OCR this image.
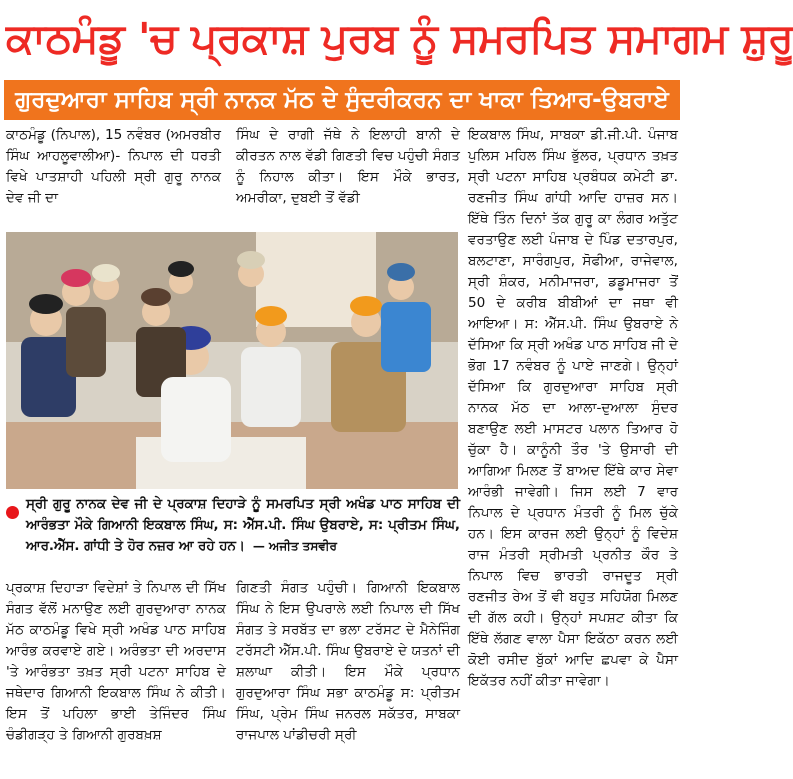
ਕਾਠਮੰਡੂ 'ਚ ਪ੍ਰਕਾਸ਼ ਪੁਰਬ ਨੂੰ ਸਮਰਪਿਤ ਸਮਾਗਮ ਸ਼ੁਰੂ
ਗੁਰਦੁਆਰਾ ਸਾਹਿਬ ਸ੍ਰੀ ਨਾਨਕ ਮੱਠ ਦੇ ਸੁੰਦਰੀਕਰਨ ਦਾ ਖਾਕਾ ਤਿਆਰ-ਉਬਰਾਏ

ਕਾਠਮੰਡੂ (ਨਿਪਾਲ), 15 ਨਵੰਬਰ (ਅਮਰਬੀਰ ਸਿੰਘ ਆਹਲੂਵਾਲੀਆ)- ਨਿਪਾਲ ਦੀ ਧਰਤੀ ਵਿਖੇ ਪਾਤਸ਼ਾਹੀ ਪਹਿਲੀ ਸ੍ਰੀ ਗੁਰੂ ਨਾਨਕ ਦੇਵ ਜੀ ਦਾ

ਸਿੰਘ ਦੇ ਰਾਗੀ ਜੱਥੇ ਨੇ ਇਲਾਹੀ ਬਾਨੀ ਦੇ ਕੀਰਤਨ ਨਾਲ ਵੱਡੀ ਗਿਣਤੀ ਵਿਚ ਪਹੁੰਚੀ ਸੰਗਤ ਨੂੰ ਨਿਹਾਲ ਕੀਤਾ। ਇਸ ਮੌਕੇ ਭਾਰਤ, ਅਮਰੀਕਾ, ਦੁਬਈ ਤੋਂ ਵੱਡੀ

ਇਕਬਾਲ ਸਿੰਘ, ਸਾਬਕਾ ਡੀ.ਜੀ.ਪੀ. ਪੰਜਾਬ ਪੁਲਿਸ ਮਹਿਲ ਸਿੰਘ ਭੁੱਲਰ, ਪ੍ਰਧਾਨ ਤਖ਼ਤ ਸ੍ਰੀ ਪਟਨਾ ਸਾਹਿਬ ਪ੍ਰਬੰਧਕ ਕਮੇਟੀ ਡਾ. ਰਣਜੀਤ ਸਿੰਘ ਗਾਂਧੀ ਆਦਿ ਹਾਜ਼ਰ ਸਨ। ਇੱਥੇ ਤਿੰਨ ਦਿਨਾਂ ਤੱਕ ਗੁਰੂ ਕਾ ਲੰਗਰ ਅਤੁੱਟ ਵਰਤਾਉਣ ਲਈ ਪੰਜਾਬ ਦੇ ਪਿੰਡ ਦਤਾਰਪੁਰ, ਬਲਟਾਣਾ, ਸਾਰੰਗਪੁਰ, ਸੋਫੀਆ, ਰਾਜੇਵਾਲ, ਸ੍ਰੀ ਸ਼ੰਕਰ, ਮਨੀਮਾਜਰਾ, ਡਡੂਮਾਜਰਾ ਤੋਂ 50 ਦੇ ਕਰੀਬ ਬੀਬੀਆਂ ਦਾ ਜਥਾ ਵੀ ਆਇਆ। ਸ: ਐੱਸ.ਪੀ. ਸਿੰਘ ਉਬਰਾਏ ਨੇ ਦੱਸਿਆ ਕਿ ਸ੍ਰੀ ਅਖੰਡ ਪਾਠ ਸਾਹਿਬ ਜੀ ਦੇ ਭੋਗ 17 ਨਵੰਬਰ ਨੂੰ ਪਾਏ ਜਾਣਗੇ। ਉਨ੍ਹਾਂ ਦੱਸਿਆ ਕਿ ਗੁਰਦੁਆਰਾ ਸਾਹਿਬ ਸ੍ਰੀ ਨਾਨਕ ਮੱਠ ਦਾ ਆਲਾ-ਦੁਆਲਾ ਸੁੰਦਰ ਬਣਾਉਣ ਲਈ ਮਾਸਟਰ ਪਲਾਨ ਤਿਆਰ ਹੋ ਚੁੱਕਾ ਹੈ। ਕਾਨੂੰਨੀ ਤੌਰ 'ਤੇ ਉਸਾਰੀ ਦੀ ਆਗਿਆ ਮਿਲਣ ਤੋਂ ਬਾਅਦ ਇੱਥੇ ਕਾਰ ਸੇਵਾ ਆਰੰਭੀ ਜਾਵੇਗੀ। ਜਿਸ ਲਈ 7 ਵਾਰ ਨਿਪਾਲ ਦੇ ਪ੍ਰਧਾਨ ਮੰਤਰੀ ਨੂੰ ਮਿਲ ਚੁੱਕੇ ਹਨ। ਇਸ ਕਾਰਜ ਲਈ ਉਨ੍ਹਾਂ ਨੂੰ ਵਿਦੇਸ਼ ਰਾਜ ਮੰਤਰੀ ਸ੍ਰੀਮਤੀ ਪ੍ਰਨੀਤ ਕੌਰ ਤੇ ਨਿਪਾਲ ਵਿਚ ਭਾਰਤੀ ਰਾਜਦੂਤ ਸ੍ਰੀ ਰਣਜੀਤ ਰੇਅ ਤੋਂ ਵੀ ਬਹੁਤ ਸਹਿਯੋਗ ਮਿਲਣ ਦੀ ਗੱਲ ਕਹੀ। ਉਨ੍ਹਾਂ ਸਪਸ਼ਟ ਕੀਤਾ ਕਿ ਇੱਥੇ ਲੱਗਣ ਵਾਲਾ ਪੈਸਾ ਇਕੱਠਾ ਕਰਨ ਲਈ ਕੋਈ ਰਸੀਦ ਬੁੱਕਾਂ ਆਦਿ ਛਪਵਾ ਕੇ ਪੈਸਾ ਇਕੱਤਰ ਨਹੀਂ ਕੀਤਾ ਜਾਵੇਗਾ।

ਸ੍ਰੀ ਗੁਰੂ ਨਾਨਕ ਦੇਵ ਜੀ ਦੇ ਪ੍ਰਕਾਸ਼ ਦਿਹਾੜੇ ਨੂੰ ਸਮਰਪਿਤ ਸ੍ਰੀ ਅਖੰਡ ਪਾਠ ਸਾਹਿਬ ਦੀ ਆਰੰਭਤਾ ਮੌਕੇ ਗਿਆਨੀ ਇਕਬਾਲ ਸਿੰਘ, ਸ: ਐੱਸ.ਪੀ. ਸਿੰਘ ਉਬਰਾਏ, ਸ: ਪ੍ਰੀਤਮ ਸਿੰਘ, ਆਰ.ਐੱਸ. ਗਾਂਧੀ ਤੇ ਹੋਰ ਨਜ਼ਰ ਆ ਰਹੇ ਹਨ। — ਅਜੀਤ ਤਸਵੀਰ

ਪ੍ਰਕਾਸ਼ ਦਿਹਾੜਾ ਵਿਦੇਸ਼ਾਂ ਤੇ ਨਿਪਾਲ ਦੀ ਸਿੱਖ ਸੰਗਤ ਵੱਲੋਂ ਮਨਾਉਣ ਲਈ ਗੁਰਦੁਆਰਾ ਨਾਨਕ ਮੱਠ ਕਾਠਮੰਡੂ ਵਿਖੇ ਸ੍ਰੀ ਅਖੰਡ ਪਾਠ ਸਾਹਿਬ ਆਰੰਭ ਕਰਵਾਏ ਗਏ। ਅਰੰਭਤਾ ਦੀ ਅਰਦਾਸ 'ਤੇ ਆਰੰਭਤਾ ਤਖ਼ਤ ਸ੍ਰੀ ਪਟਨਾ ਸਾਹਿਬ ਦੇ ਜਥੇਦਾਰ ਗਿਆਨੀ ਇਕਬਾਲ ਸਿੰਘ ਨੇ ਕੀਤੀ। ਇਸ ਤੋਂ ਪਹਿਲਾ ਭਾਈ ਤੇਜਿੰਦਰ ਸਿੰਘ ਚੰਡੀਗੜ੍ਹ ਤੇ ਗਿਆਨੀ ਗੁਰਬਖ਼ਸ਼

ਗਿਣਤੀ ਸੰਗਤ ਪਹੁੰਚੀ। ਗਿਆਨੀ ਇਕਬਾਲ ਸਿੰਘ ਨੇ ਇਸ ਉਪਰਾਲੇ ਲਈ ਨਿਪਾਲ ਦੀ ਸਿੱਖ ਸੰਗਤ ਤੇ ਸਰਬੱਤ ਦਾ ਭਲਾ ਟਰੱਸਟ ਦੇ ਮੈਨੇਜਿੰਗ ਟਰੱਸਟੀ ਐੱਸ.ਪੀ. ਸਿੰਘ ਉਬਰਾਏ ਦੇ ਯਤਨਾਂ ਦੀ ਸ਼ਲਾਘਾ ਕੀਤੀ। ਇਸ ਮੌਕੇ ਪ੍ਰਧਾਨ ਗੁਰਦੁਆਰਾ ਸਿੰਘ ਸਭਾ ਕਾਠਮੰਡੂ ਸ: ਪ੍ਰੀਤਮ ਸਿੰਘ, ਪ੍ਰੇਮ ਸਿੰਘ ਜਨਰਲ ਸਕੱਤਰ, ਸਾਬਕਾ ਰਾਜਪਾਲ ਪਾਂਡੀਚਰੀ ਸ੍ਰੀ
